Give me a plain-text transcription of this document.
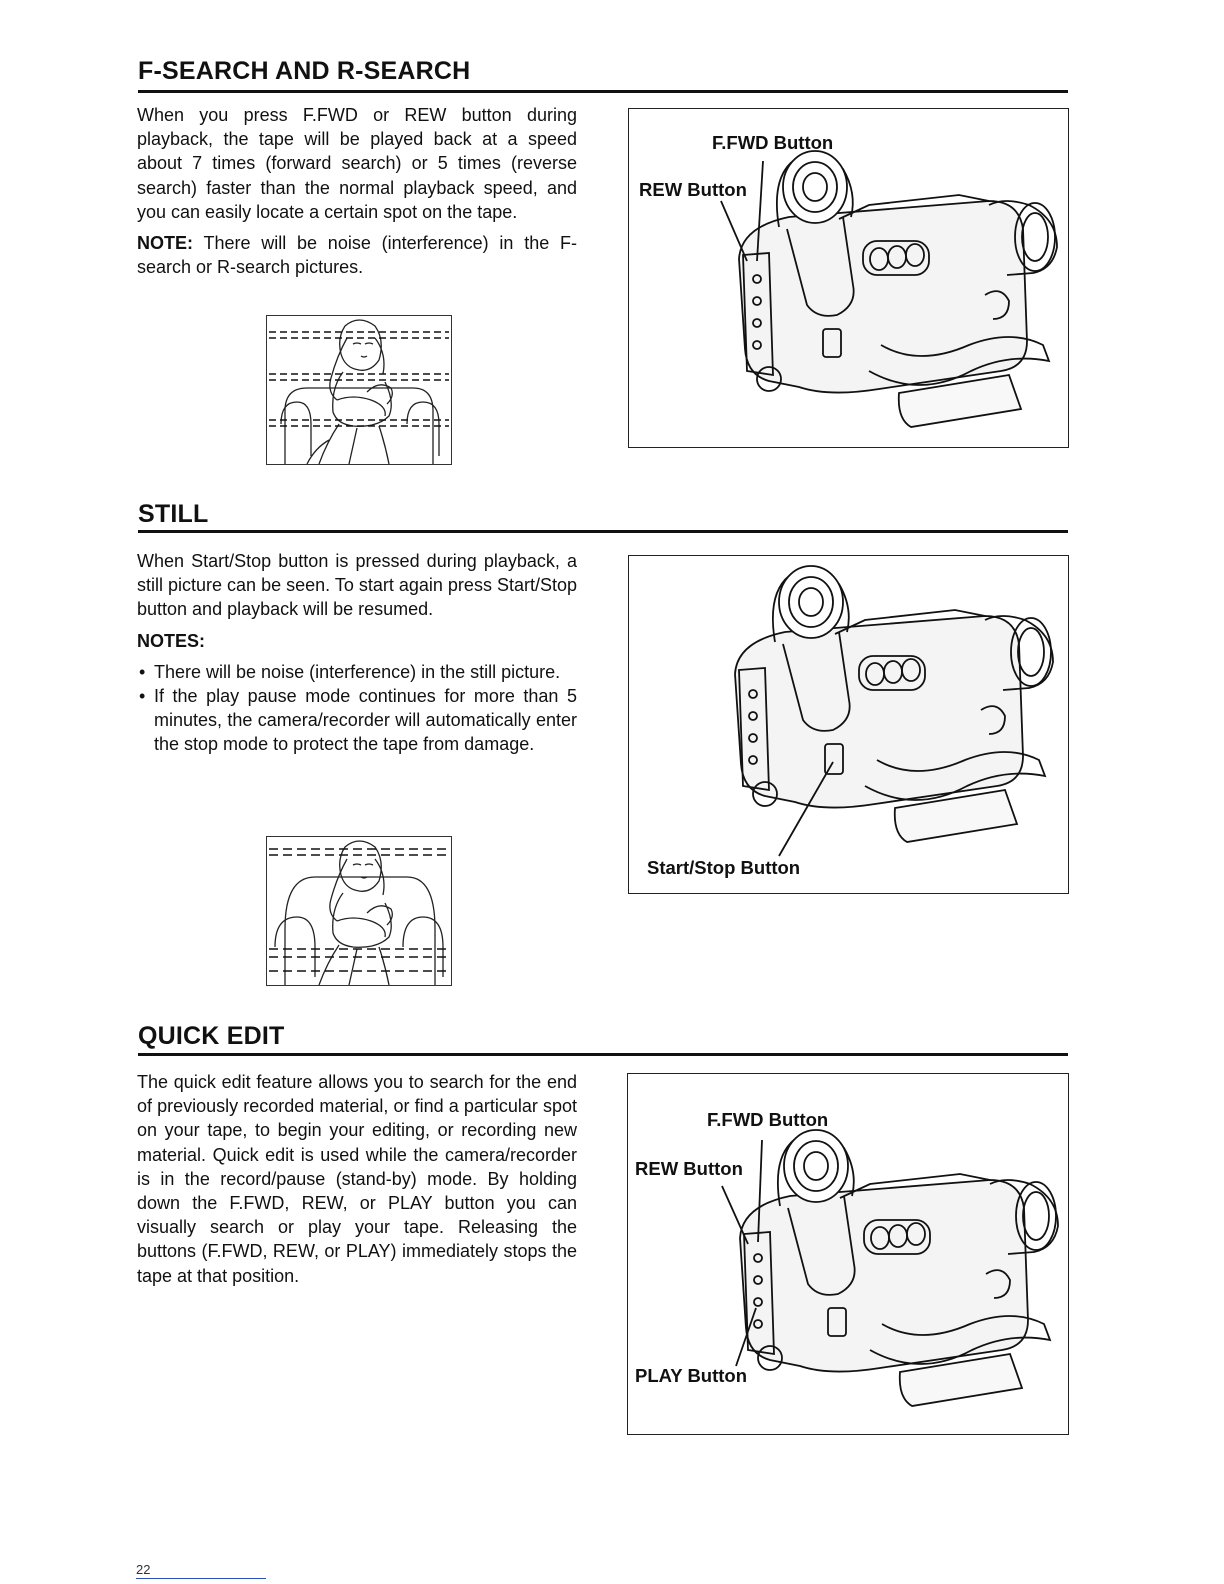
F-SEARCH AND R-SEARCH

When you press F.FWD or REW button during playback, the tape will be played back at a speed about 7 times (forward search) or 5 times (reverse search) faster than the normal playback speed, and you can easily locate a certain spot on the tape.

NOTE: There will be noise (interference) in the F-search or R-search pictures.

F.FWD Button
REW Button
STILL

When Start/Stop button is pressed during playback, a still picture can be seen. To start again press Start/Stop button and playback will be resumed.

NOTES:

• There will be noise (interference) in the still picture.
• If the play pause mode continues for more than 5 minutes, the camera/recorder will automatically enter the stop mode to protect the tape from damage.
Start/Stop Button
QUICK EDIT

The quick edit feature allows you to search for the end of previously recorded material, or find a particular spot on your tape, to begin your editing, or recording new material. Quick edit is used while the camera/recorder is in the record/pause (stand-by) mode. By holding down the F.FWD, REW, or PLAY button you can visually search or play your tape. Releasing the buttons (F.FWD, REW, or PLAY) immediately stops the tape at that position.

F.FWD Button
REW Button
PLAY Button
22
